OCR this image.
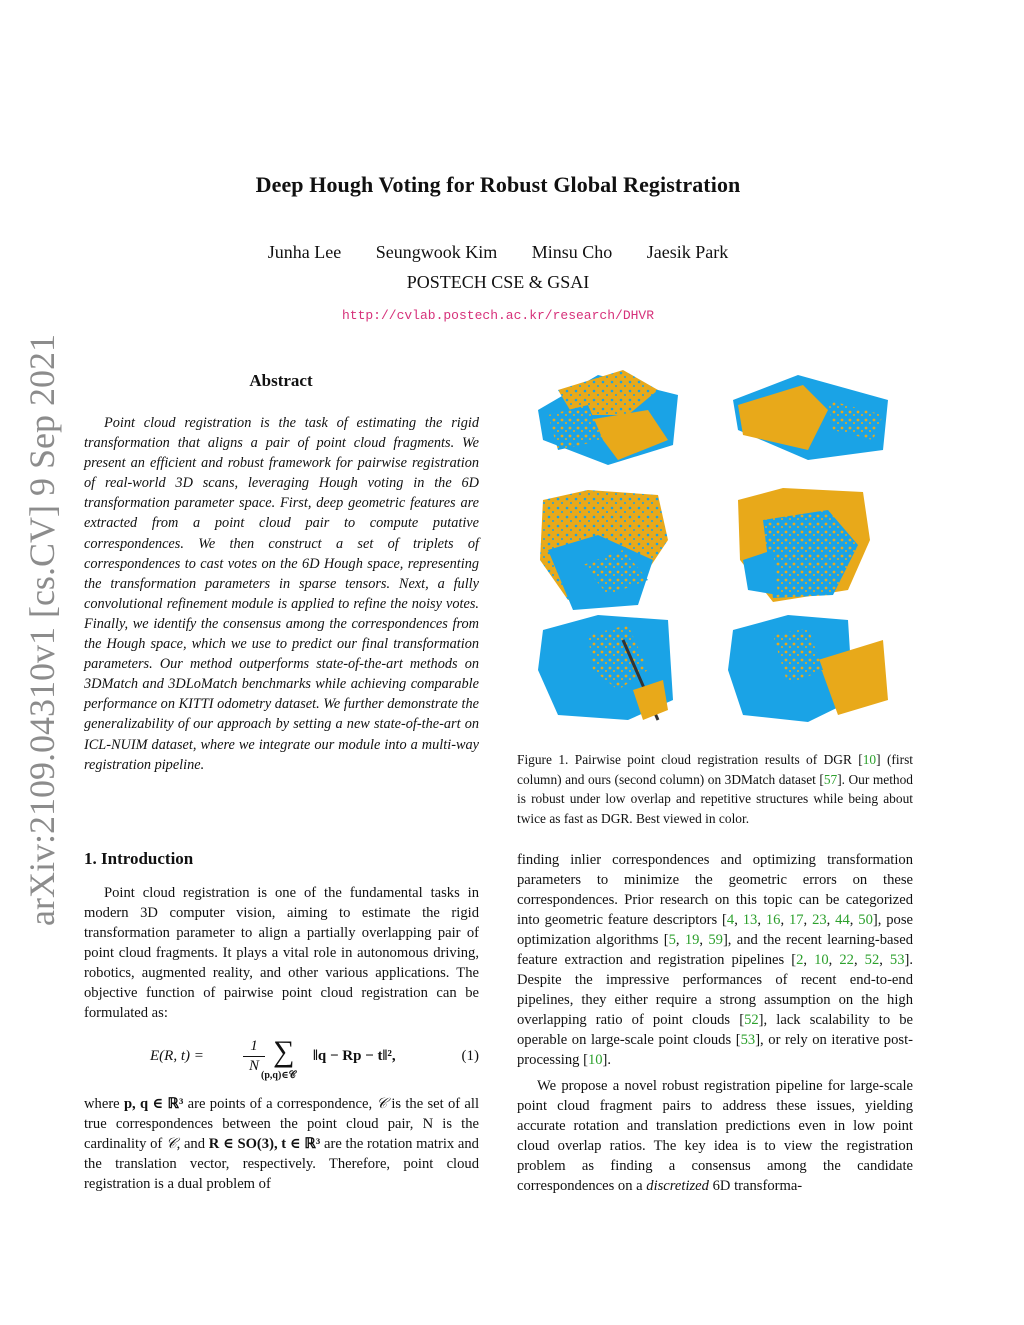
Deep Hough Voting for Robust Global Registration
Junha Lee Seungwook Kim Minsu Cho Jaesik Park
POSTECH CSE & GSAI
http://cvlab.postech.ac.kr/research/DHVR
arXiv:2109.04310v1 [cs.CV] 9 Sep 2021	Abstract

Point cloud registration is the task of estimating the rigid transformation that aligns a pair of point cloud fragments. We present an efficient and robust framework for pairwise registration of real-world 3D scans, leveraging Hough voting in the 6D transformation parameter space. First, deep geometric features are extracted from a point cloud pair to compute putative correspondences. We then construct a set of triplets of correspondences to cast votes on the 6D Hough space, representing the transformation parameters in sparse tensors. Next, a fully convolutional refinement module is applied to refine the noisy votes. Finally, we identify the consensus among the correspondences from the Hough space, which we use to predict our final transformation parameters. Our method outperforms state-of-the-art methods on 3DMatch and 3DLoMatch benchmarks while achieving comparable performance on KITTI odometry dataset. We further demonstrate the generalizability of our approach by setting a new state-of-the-art on ICL-NUIM dataset, where we integrate our module into a multi-way registration pipeline.

1. Introduction

Point cloud registration is one of the fundamental tasks in modern 3D computer vision, aiming to estimate the rigid transformation parameter to align a partially overlapping pair of point cloud fragments. It plays a vital role in autonomous driving, robotics, augmented reality, and other various applications. The objective function of pairwise point cloud registration can be formulated as:

E(R, t) =
1
N ∑
(p,q)∈𝒞
‖q − Rp − t‖²,	(1)

where p, q ∈ ℝ³ are points of a correspondence, 𝒞 is the set of all true correspondences between the point cloud pair, N is the cardinality of 𝒞, and R ∈ SO(3), t ∈ ℝ³ are the rotation matrix and the translation vector, respectively. Therefore, point cloud registration is a dual problem of

Figure 1. Pairwise point cloud registration results of DGR [10] (first column) and ours (second column) on 3DMatch dataset [57]. Our method is robust under low overlap and repetitive structures while being about twice as fast as DGR. Best viewed in color.

finding inlier correspondences and optimizing transformation parameters to minimize the geometric errors on these correspondences. Prior research on this topic can be categorized into geometric feature descriptors [4, 13, 16, 17, 23, 44, 50], pose optimization algorithms [5, 19, 59], and the recent learning-based feature extraction and registration pipelines [2, 10, 22, 52, 53]. Despite the impressive performances of recent end-to-end pipelines, they either require a strong assumption on the high overlapping ratio of point clouds [52], lack scalability to be operable on large-scale point clouds [53], or rely on iterative post-processing [10].

We propose a novel robust registration pipeline for large-scale point cloud fragment pairs to address these issues, yielding accurate rotation and translation predictions even in low point cloud overlap ratios. The key idea is to view the registration problem as finding a consensus among the candidate correspondences on a discretized 6D transforma-
